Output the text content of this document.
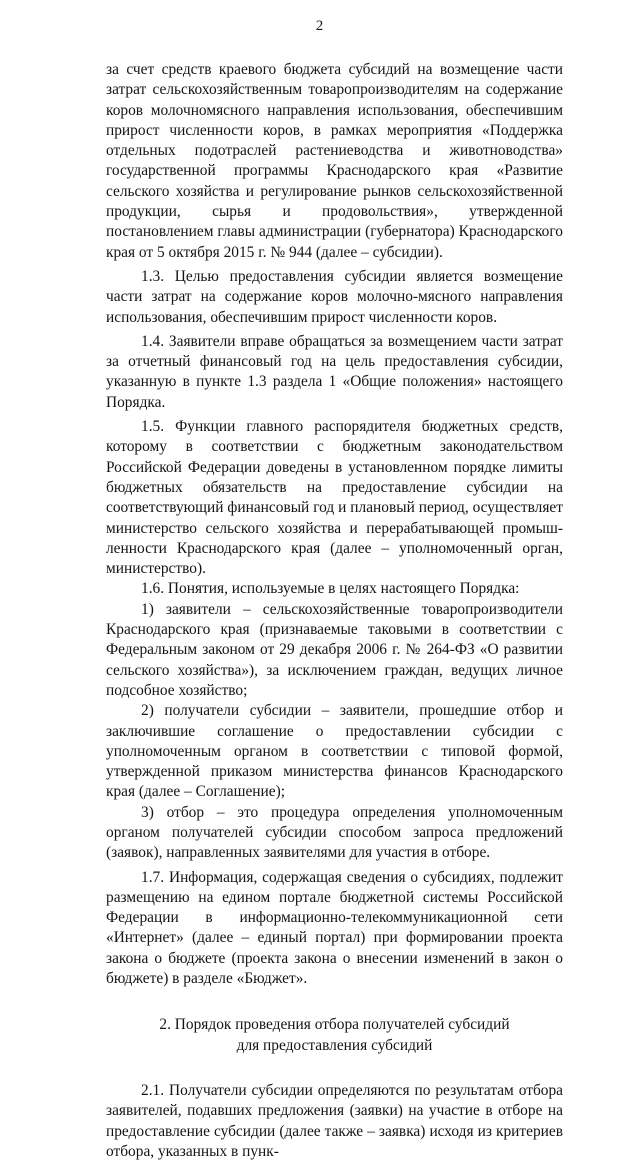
2

за счет средств краевого бюджета субсидий на возмещение части затрат сельскохозяйственным товаропроизводителям на содержание коров молочномясного направления использования, обеспечившим прирост численности коров, в рамках мероприятия «Поддержка отдельных подотраслей растениеводства и животноводства» государственной программы Краснодарского края «Развитие сельского хозяйства и регулирование рынков сельскохозяйственной продукции, сырья и продовольствия», утвержденной постановлением главы администрации (губернатора) Краснодарского края от 5 октября 2015 г. № 944 (далее – субсидии).

1.3. Целью предоставления субсидии является возмещение части затрат на содержание коров молочно-мясного направления использования, обеспечившим прирост численности коров.

1.4. Заявители вправе обращаться за возмещением части затрат за отчетный финансовый год на цель предоставления субсидии, указанную в пункте 1.3 раздела 1 «Общие положения» настоящего Порядка.

1.5. Функции главного распорядителя бюджетных средств, которому в соответствии с бюджетным законодательством Российской Федерации доведены в установленном порядке лимиты бюджетных обязательств на предоставление субсидии на соответствующий финансовый год и плановый период, осуществляет министерство сельского хозяйства и перерабатывающей промышленности Краснодарского края (далее – уполномоченный орган, министерство).

1.6. Понятия, используемые в целях настоящего Порядка:

1) заявители – сельскохозяйственные товаропроизводители Краснодарского края (признаваемые таковыми в соответствии с Федеральным законом от 29 декабря 2006 г. № 264-ФЗ «О развитии сельского хозяйства»), за исключением граждан, ведущих личное подсобное хозяйство;

2) получатели субсидии – заявители, прошедшие отбор и заключившие соглашение о предоставлении субсидии с уполномоченным органом в соответствии с типовой формой, утвержденной приказом министерства финансов Краснодарского края (далее – Соглашение);

3) отбор – это процедура определения уполномоченным органом получателей субсидии способом запроса предложений (заявок), направленных заявителями для участия в отборе.

1.7. Информация, содержащая сведения о субсидиях, подлежит размещению на едином портале бюджетной системы Российской Федерации в информационно-телекоммуникационной сети «Интернет» (далее – единый портал) при формировании проекта закона о бюджете (проекта закона о внесении изменений в закон о бюджете) в разделе «Бюджет».

2. Порядок проведения отбора получателей субсидий
для предоставления субсидий

2.1. Получатели субсидии определяются по результатам отбора заявителей, подавших предложения (заявки) на участие в отборе на предоставление субсидии (далее также – заявка) исходя из критериев отбора, указанных в пунк-
